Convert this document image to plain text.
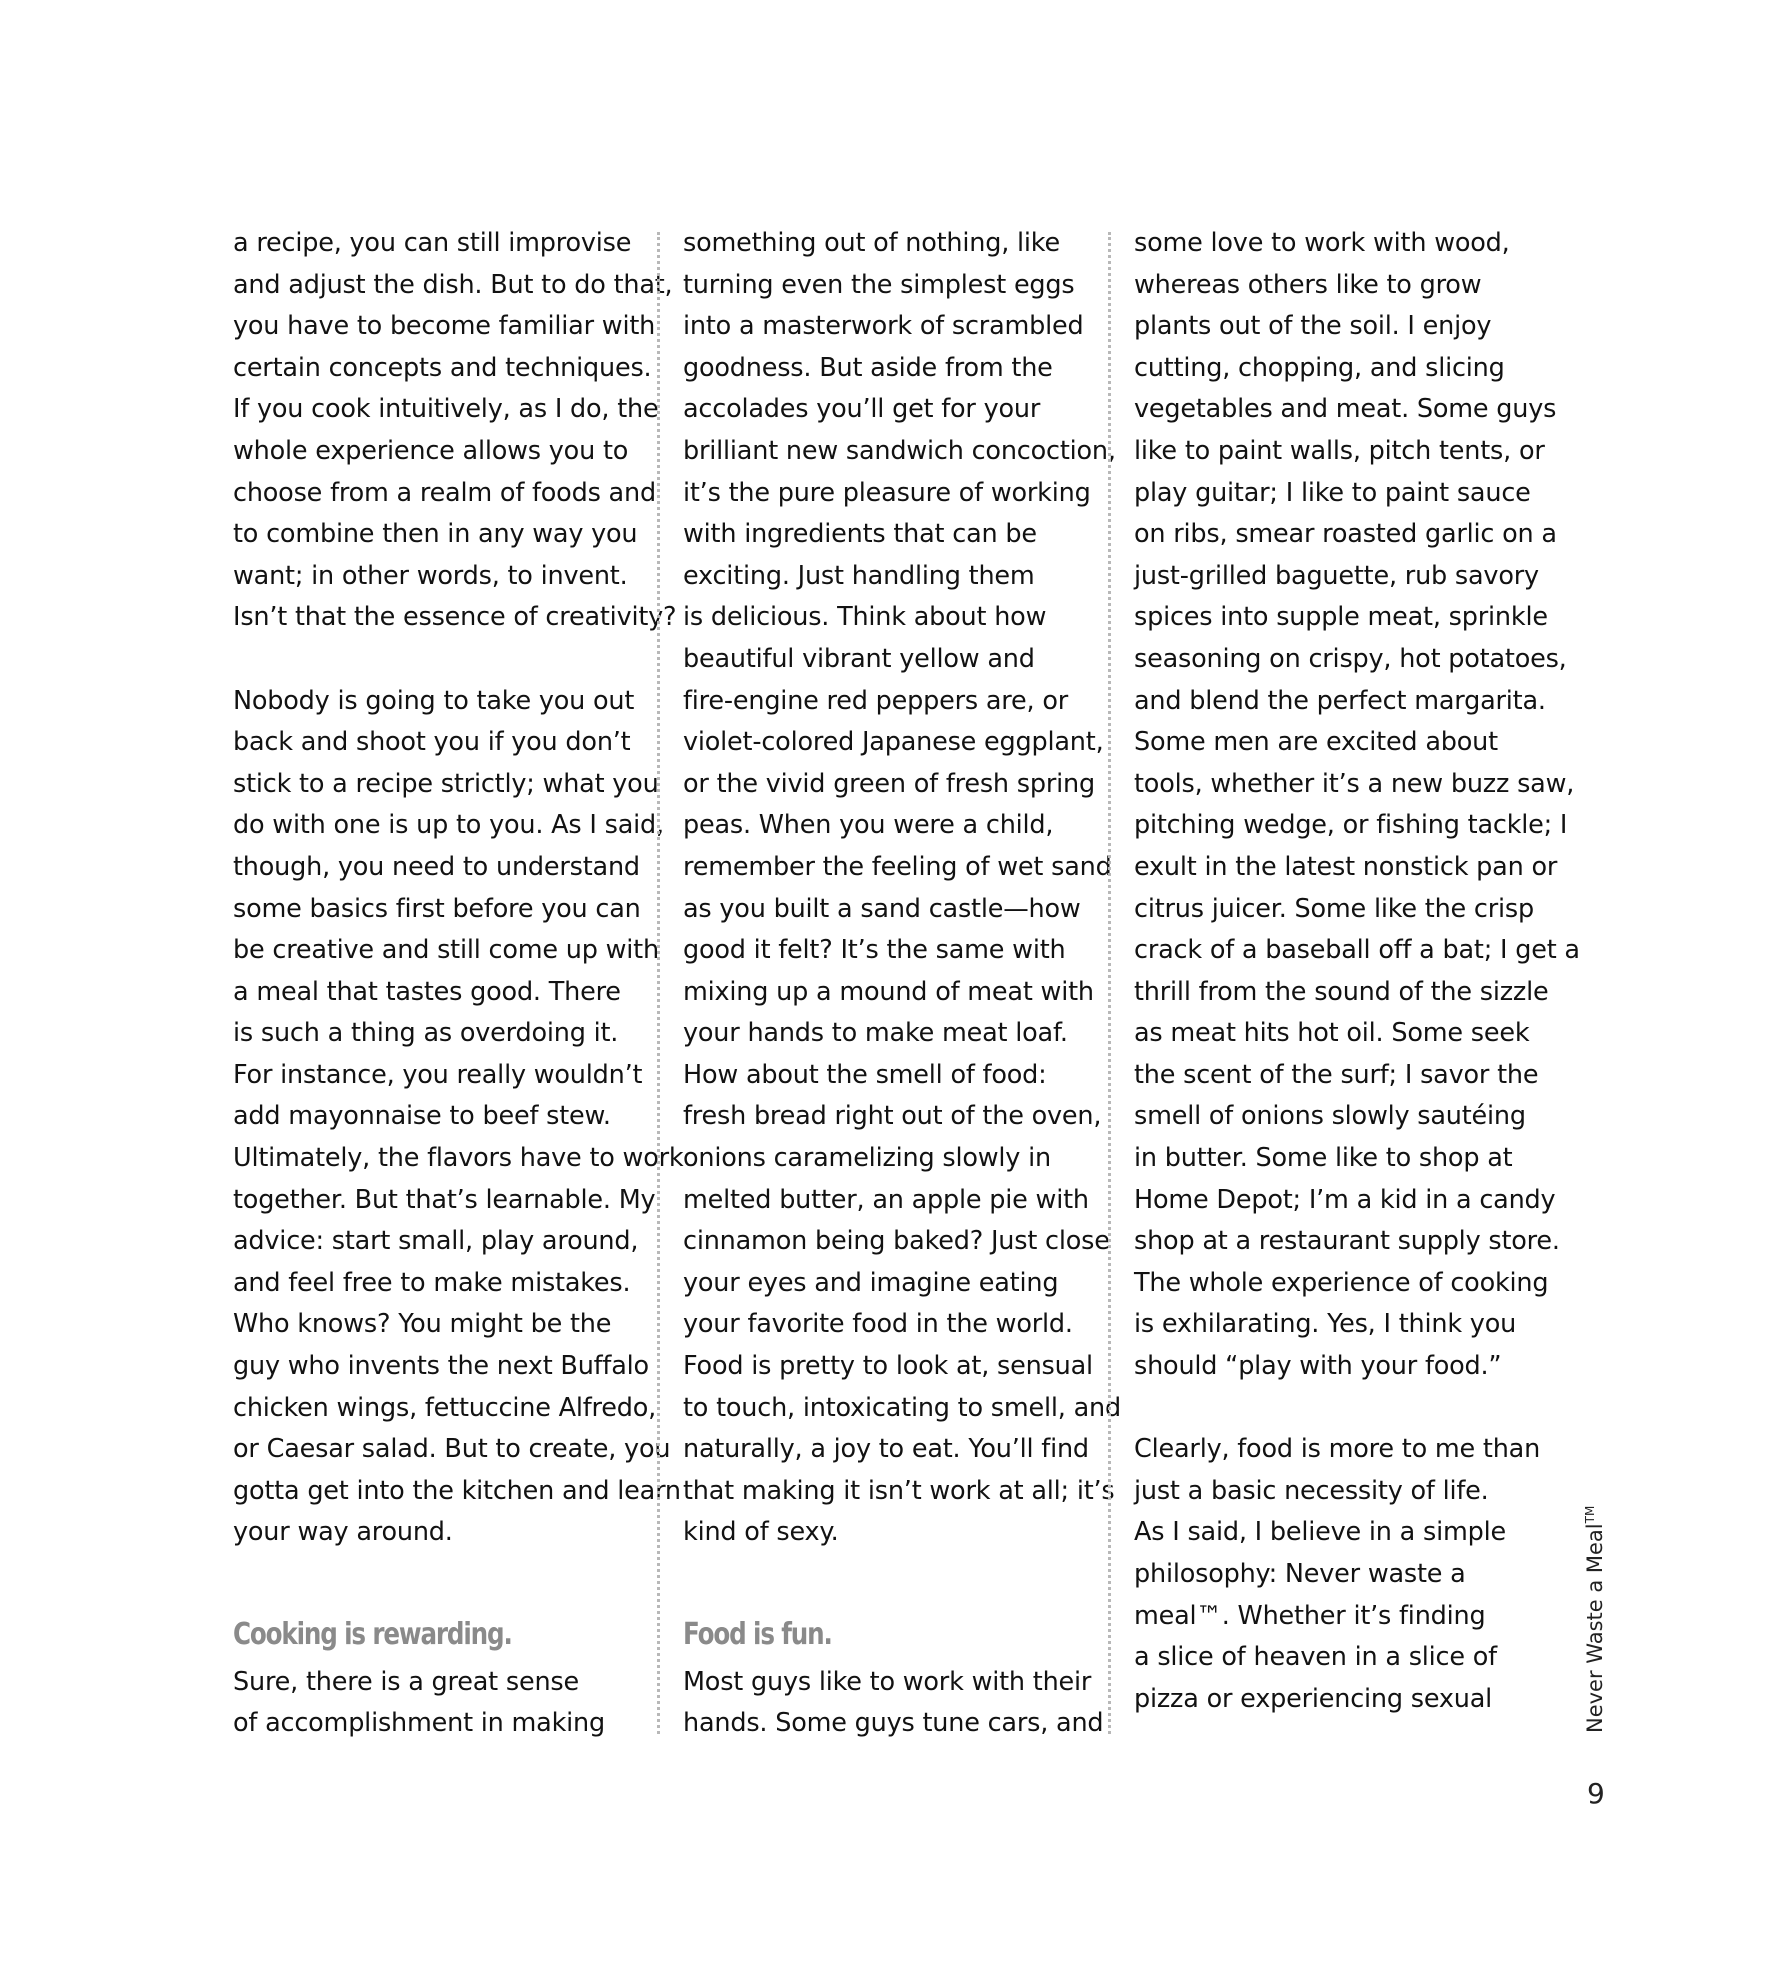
a recipe, you can still improvise
and adjust the dish. But to do that,
you have to become familiar with
certain concepts and techniques.
If you cook intuitively, as I do, the
whole experience allows you to
choose from a realm of foods and
to combine then in any way you
want; in other words, to invent.
Isn’t that the essence of creativity?
Nobody is going to take you out
back and shoot you if you don’t
stick to a recipe strictly; what you
do with one is up to you. As I said,
though, you need to understand
some basics first before you can
be creative and still come up with
a meal that tastes good. There
is such a thing as overdoing it.
For instance, you really wouldn’t
add mayonnaise to beef stew.
Ultimately, the flavors have to work
together. But that’s learnable. My
advice: start small, play around,
and feel free to make mistakes.
Who knows? You might be the
guy who invents the next Buffalo
chicken wings, fettuccine Alfredo,
or Caesar salad. But to create, you
gotta get into the kitchen and learn
your way around.
Cooking is rewarding.
Sure, there is a great sense
of accomplishment in making
something out of nothing, like
turning even the simplest eggs
into a masterwork of scrambled
goodness. But aside from the
accolades you’ll get for your
brilliant new sandwich concoction,
it’s the pure pleasure of working
with ingredients that can be
exciting. Just handling them
is delicious. Think about how
beautiful vibrant yellow and
fire-engine red peppers are, or
violet-colored Japanese eggplant,
or the vivid green of fresh spring
peas. When you were a child,
remember the feeling of wet sand
as you built a sand castle—how
good it felt? It’s the same with
mixing up a mound of meat with
your hands to make meat loaf.
How about the smell of food:
fresh bread right out of the oven,
onions caramelizing slowly in
melted butter, an apple pie with
cinnamon being baked? Just close
your eyes and imagine eating
your favorite food in the world.
Food is pretty to look at, sensual
to touch, intoxicating to smell, and
naturally, a joy to eat. You’ll find
that making it isn’t work at all; it’s
kind of sexy.
Food is fun.
Most guys like to work with their
hands. Some guys tune cars, and
some love to work with wood,
whereas others like to grow
plants out of the soil. I enjoy
cutting, chopping, and slicing
vegetables and meat. Some guys
like to paint walls, pitch tents, or
play guitar; I like to paint sauce
on ribs, smear roasted garlic on a
just-grilled baguette, rub savory
spices into supple meat, sprinkle
seasoning on crispy, hot potatoes,
and blend the perfect margarita.
Some men are excited about
tools, whether it’s a new buzz saw,
pitching wedge, or fishing tackle; I
exult in the latest nonstick pan or
citrus juicer. Some like the crisp
crack of a baseball off a bat; I get a
thrill from the sound of the sizzle
as meat hits hot oil. Some seek
the scent of the surf; I savor the
smell of onions slowly sautéing
in butter. Some like to shop at
Home Depot; I’m a kid in a candy
shop at a restaurant supply store.
The whole experience of cooking
is exhilarating. Yes, I think you
should “play with your food.”
Clearly, food is more to me than
just a basic necessity of life.
As I said, I believe in a simple
philosophy: Never waste a
meal™. Whether it’s finding
a slice of heaven in a slice of
pizza or experiencing sexual	Never Waste a Meal™
9
